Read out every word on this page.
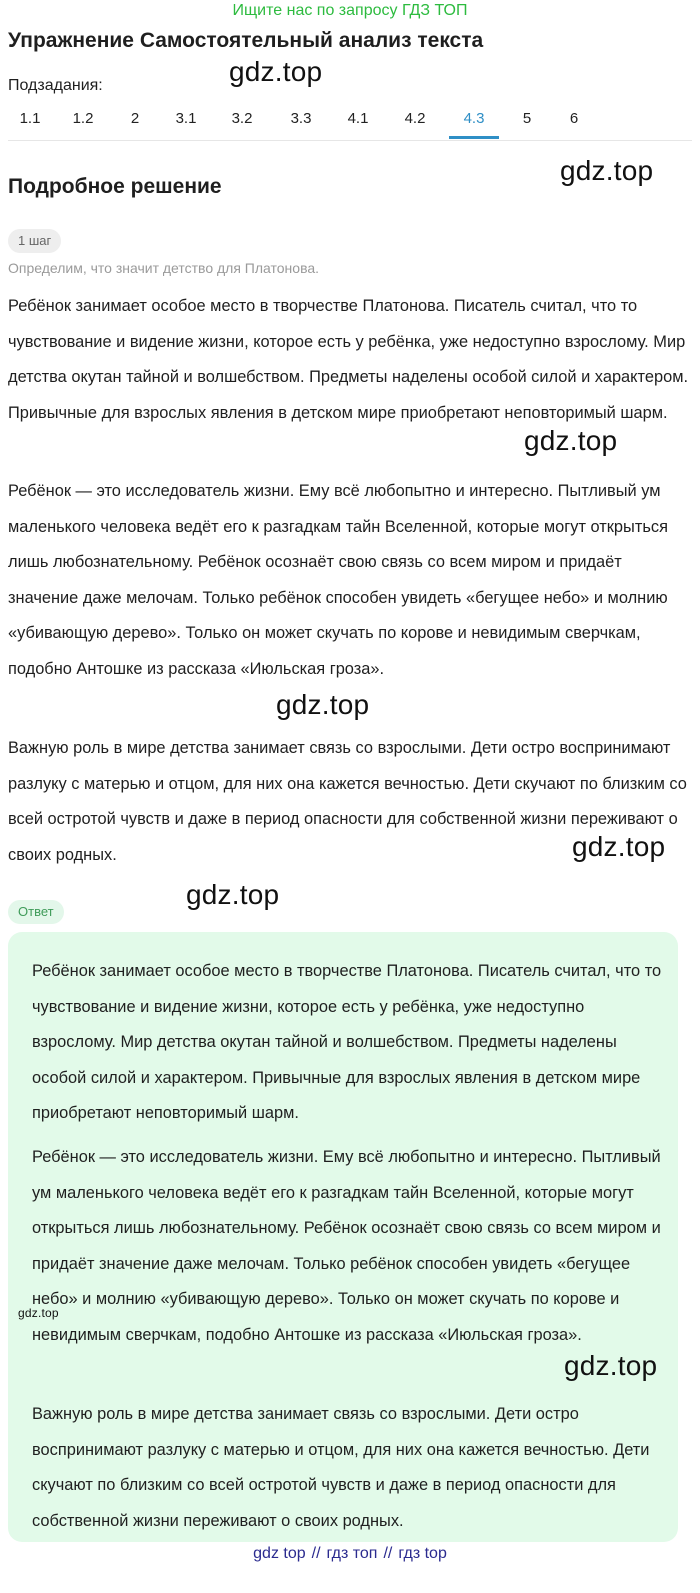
Ищите нас по запросу ГДЗ ТОП
Упражнение Самостоятельный анализ текста
Подзадания:
1.1 1.2 2 3.1 3.2	3.3 4.1 4.2	4.3	5	6
Подробное решение
1 шаг
Определим, что значит детство для Платонова.

Ребёнок занимает особое место в творчестве Платонова. Писатель считал, что то чувствование и видение жизни, которое есть у ребёнка, уже недоступно взрослому. Мир детства окутан тайной и волшебством. Предметы наделены особой силой и характером. Привычные для взрослых явления в детском мире приобретают неповторимый шарм.

Ребёнок — это исследователь жизни. Ему всё любопытно и интересно. Пытливый ум маленького человека ведёт его к разгадкам тайн Вселенной, которые могут открыться лишь любознательному. Ребёнок осознаёт свою связь со всем миром и придаёт значение даже мелочам. Только ребёнок способен увидеть «бегущее небо» и молнию «убивающую дерево». Только он может скучать по корове и невидимым сверчкам, подобно Антошке из рассказа «Июльская гроза».

Важную роль в мире детства занимает связь со взрослыми. Дети остро воспринимают разлуку с матерью и отцом, для них она кажется вечностью. Дети скучают по близким со всей остротой чувств и даже в период опасности для собственной жизни переживают о своих родных.

Ответ

Ребёнок занимает особое место в творчестве Платонова. Писатель считал, что то чувствование и видение жизни, которое есть у ребёнка, уже недоступно взрослому. Мир детства окутан тайной и волшебством. Предметы наделены особой силой и характером. Привычные для взрослых явления в детском мире приобретают неповторимый шарм.

Ребёнок — это исследователь жизни. Ему всё любопытно и интересно. Пытливый ум маленького человека ведёт его к разгадкам тайн Вселенной, которые могут открыться лишь любознательному. Ребёнок осознаёт свою связь со всем миром и придаёт значение даже мелочам. Только ребёнок способен увидеть «бегущее небо» и молнию «убивающую дерево». Только он может скучать по корове и невидимым сверчкам, подобно Антошке из рассказа «Июльская гроза».

Важную роль в мире детства занимает связь со взрослыми. Дети остро воспринимают разлуку с матерью и отцом, для них она кажется вечностью. Дети скучают по близким со всей остротой чувств и даже в период опасности для собственной жизни переживают о своих родных.

gdz.top
gdz.top
gdz.top
gdz.top
gdz.top
gdz.top
gdz.top
gdz.top
gdz top // гдз топ // гдз top
